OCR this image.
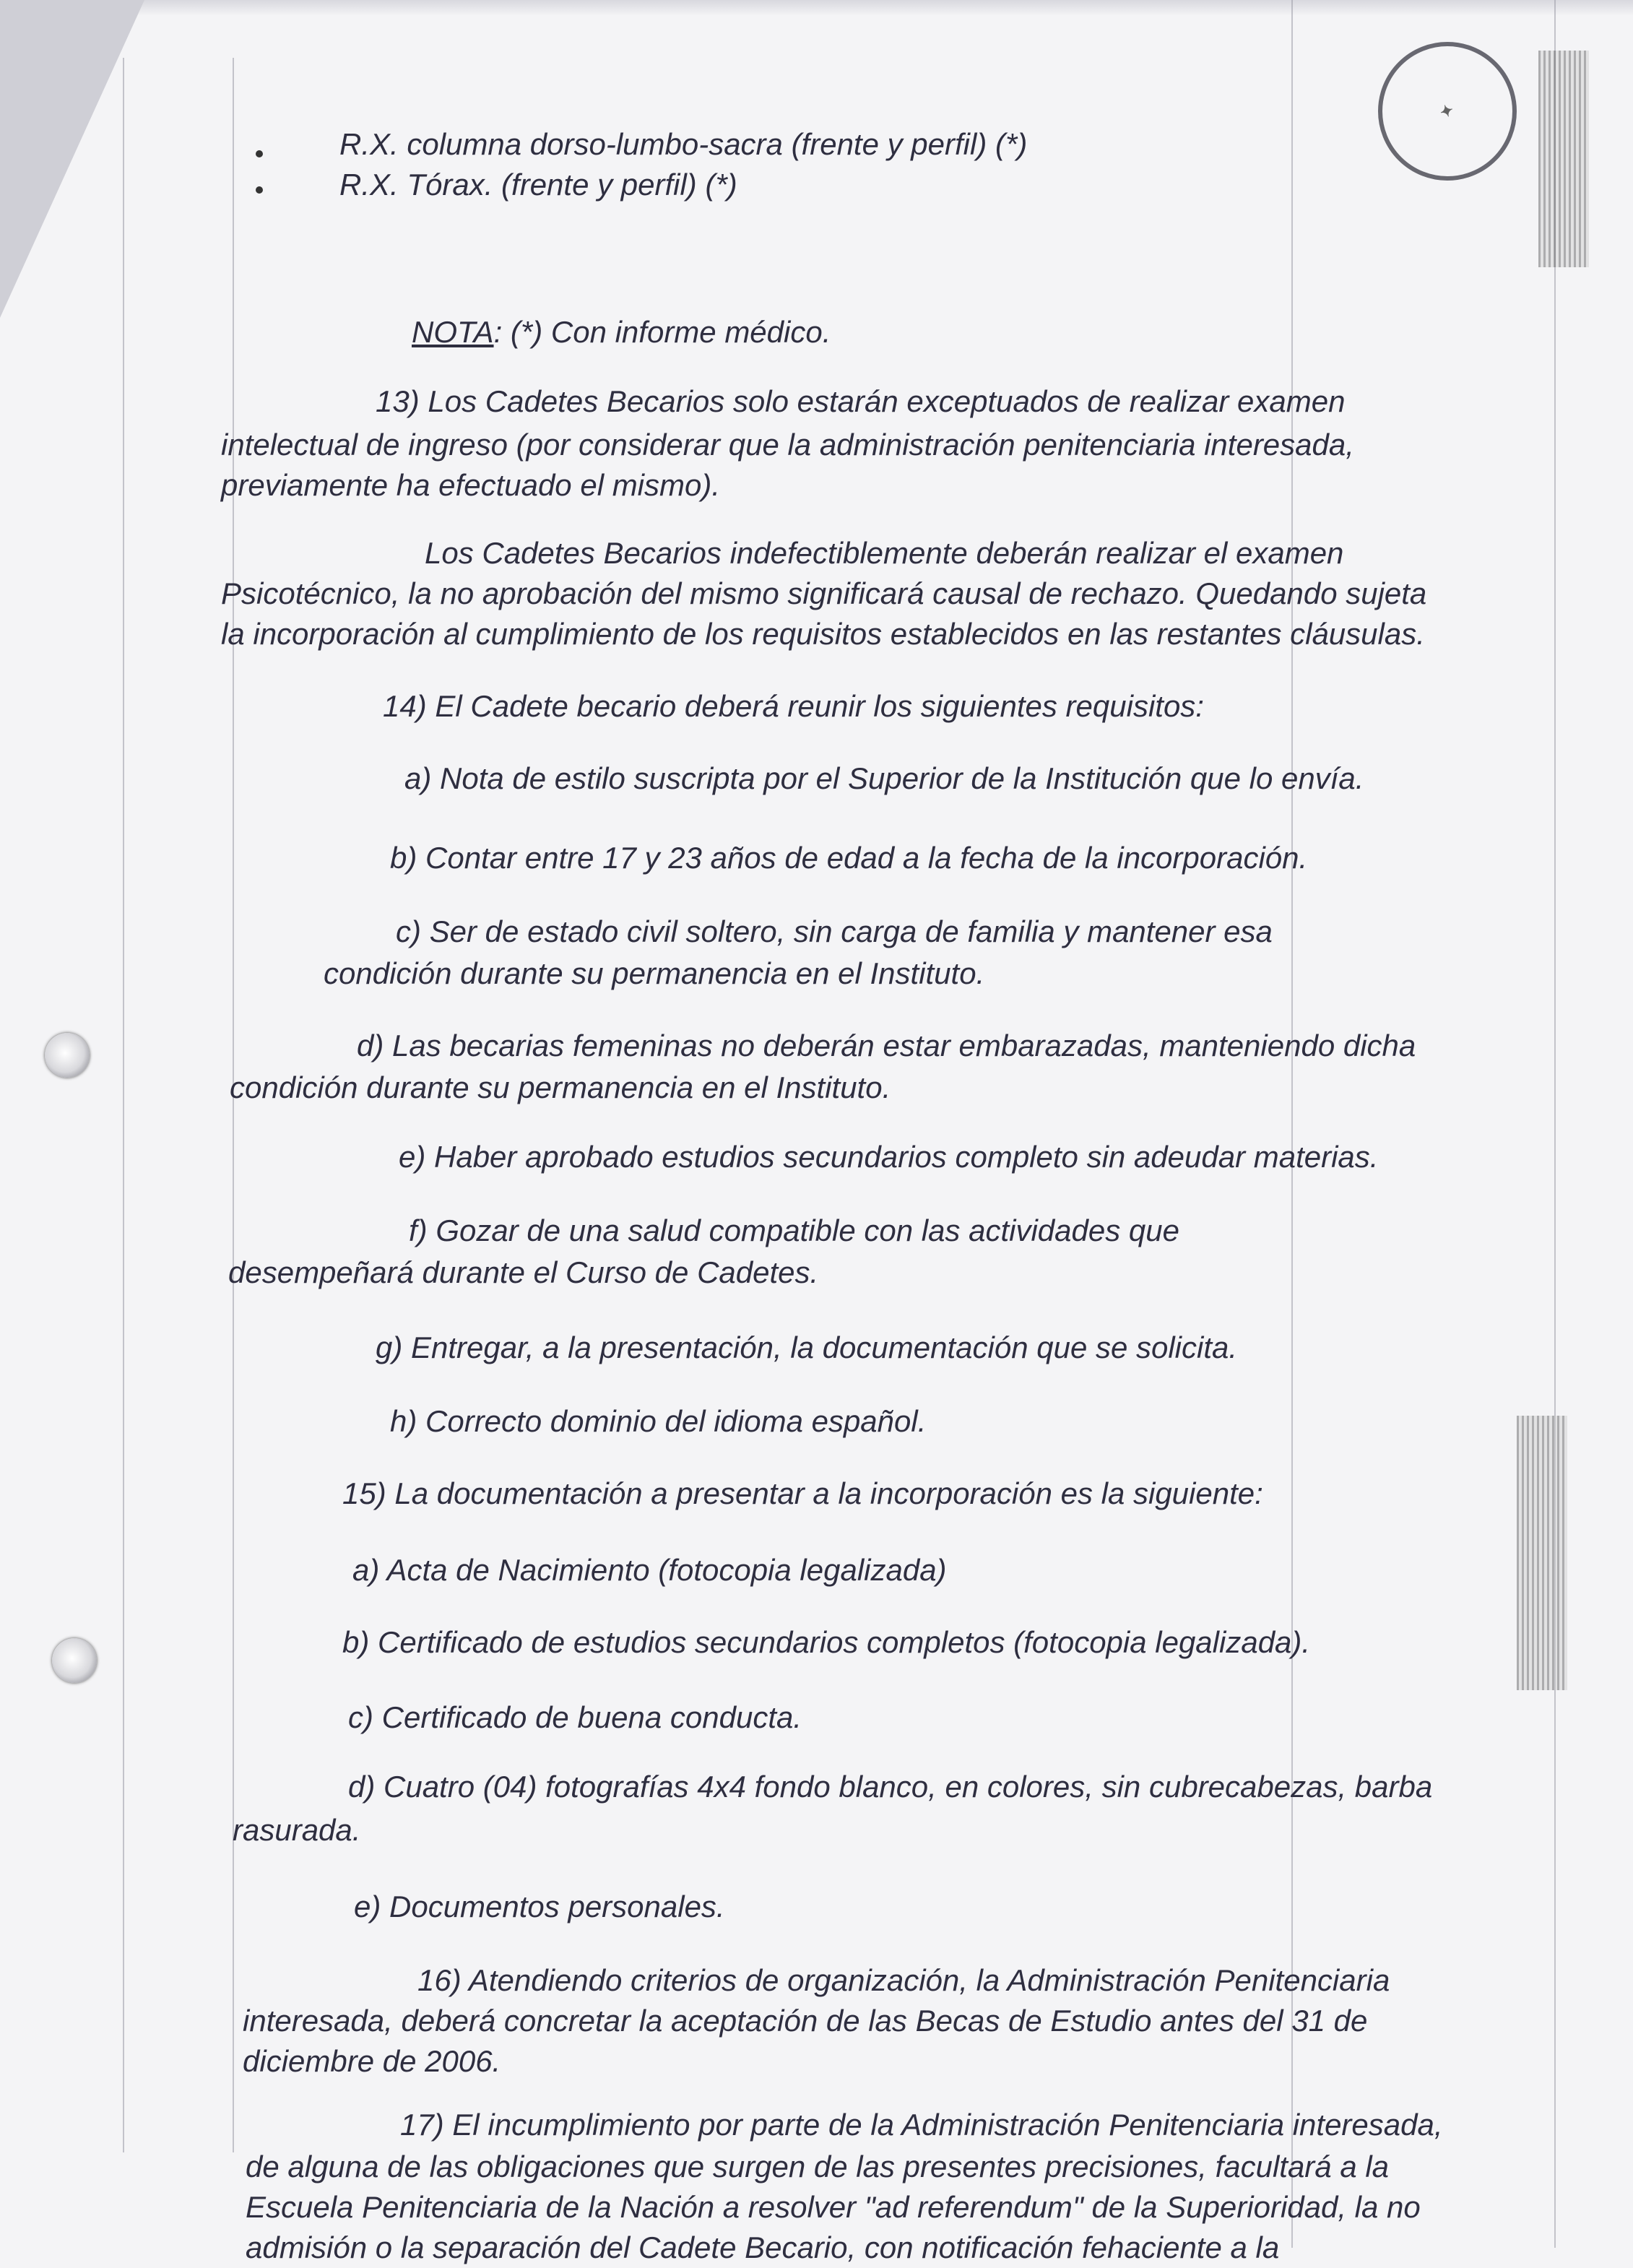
✦
R.X. columna dorso-lumbo-sacra (frente y perfil) (*)
R.X. Tórax. (frente y perfil) (*)
NOTA: (*) Con informe médico.
13) Los Cadetes Becarios solo estarán exceptuados de realizar examen
intelectual de ingreso (por considerar que la administración penitenciaria interesada,
previamente ha efectuado el mismo).
Los Cadetes Becarios indefectiblemente deberán realizar el examen
Psicotécnico, la no aprobación del mismo significará causal de rechazo. Quedando sujeta
la incorporación al cumplimiento de los requisitos establecidos en las restantes cláusulas.
14) El Cadete becario deberá reunir los siguientes requisitos:
a) Nota de estilo suscripta por el Superior de la Institución que lo envía.
b) Contar entre 17 y 23 años de edad a la fecha de la incorporación.
c) Ser de estado civil soltero, sin carga de familia y mantener esa
condición durante su permanencia en el Instituto.
d) Las becarias femeninas no deberán estar embarazadas, manteniendo dicha
condición durante su permanencia en el Instituto.
e) Haber aprobado estudios secundarios completo sin adeudar materias.
f) Gozar de una salud compatible con las actividades que
desempeñará durante el Curso de Cadetes.
g) Entregar, a la presentación, la documentación que se solicita.
h) Correcto dominio del idioma español.
15) La documentación a presentar a la incorporación es la siguiente:
a) Acta de Nacimiento (fotocopia legalizada)
b) Certificado de estudios secundarios completos (fotocopia legalizada).
c) Certificado de buena conducta.
d) Cuatro (04) fotografías 4x4 fondo blanco, en colores, sin cubrecabezas, barba
rasurada.
e) Documentos personales.
16) Atendiendo criterios de organización, la Administración Penitenciaria
interesada, deberá concretar la aceptación de las Becas de Estudio antes del 31 de
diciembre de 2006.
17) El incumplimiento por parte de la Administración Penitenciaria interesada,
de alguna de las obligaciones que surgen de las presentes precisiones, facultará a la
Escuela Penitenciaria de la Nación a resolver "ad referendum" de la Superioridad, la no
admisión o la separación del Cadete Becario, con notificación fehaciente a la
